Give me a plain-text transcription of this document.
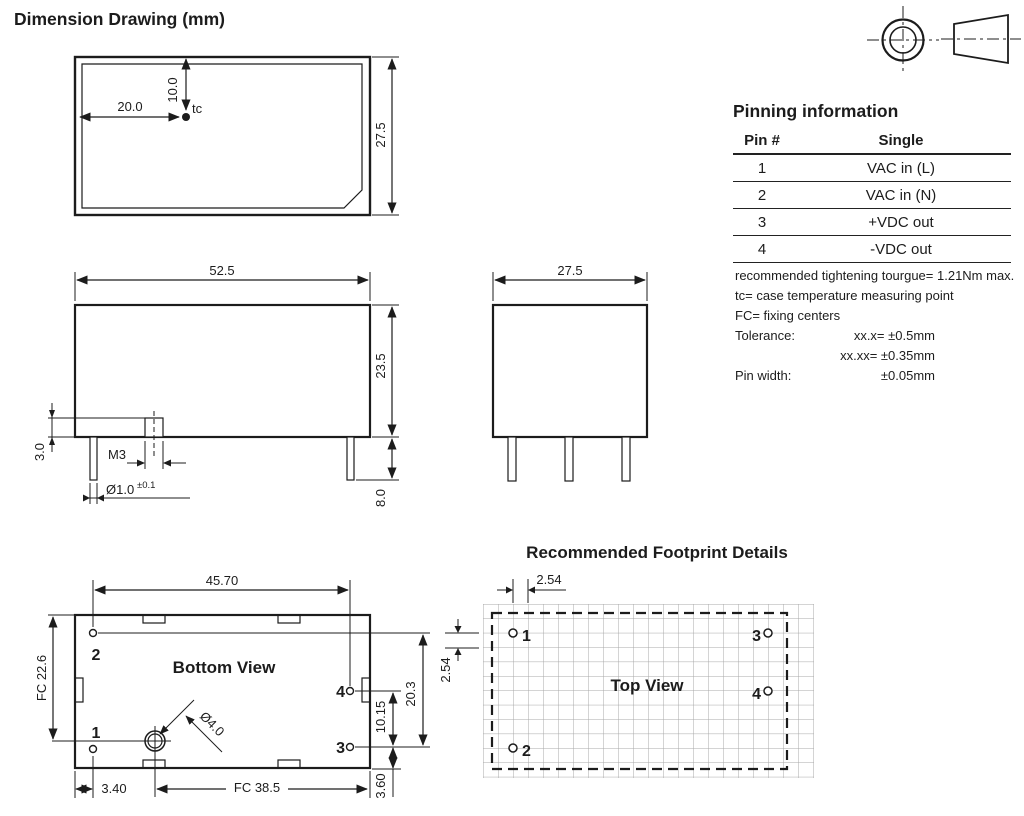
Dimension Drawing (mm)
20.0
10.0
tc
27.5
52.5
23.5
8.0
3.0	M3
Ø1.0 ±0.1
27.5
Bottom View
45.70
FC 22.6	20.3
10.15
3.60
3.40	FC 38.5
Ø4.0
2
1
4
3
Recommended Footprint Details
Top View
2.54
2.54
1
2
3
4
Pinning information
Pin #	Single
1	VAC in (L)
2	VAC in (N)
3	+VDC out
4	-VDC out
recommended tightening tourgue= 1.21Nm max.
tc= case temperature measuring point
FC= fixing centers
Tolerance:	xx.x= ±0.5mm
xx.xx= ±0.35mm
Pin width:	±0.05mm
